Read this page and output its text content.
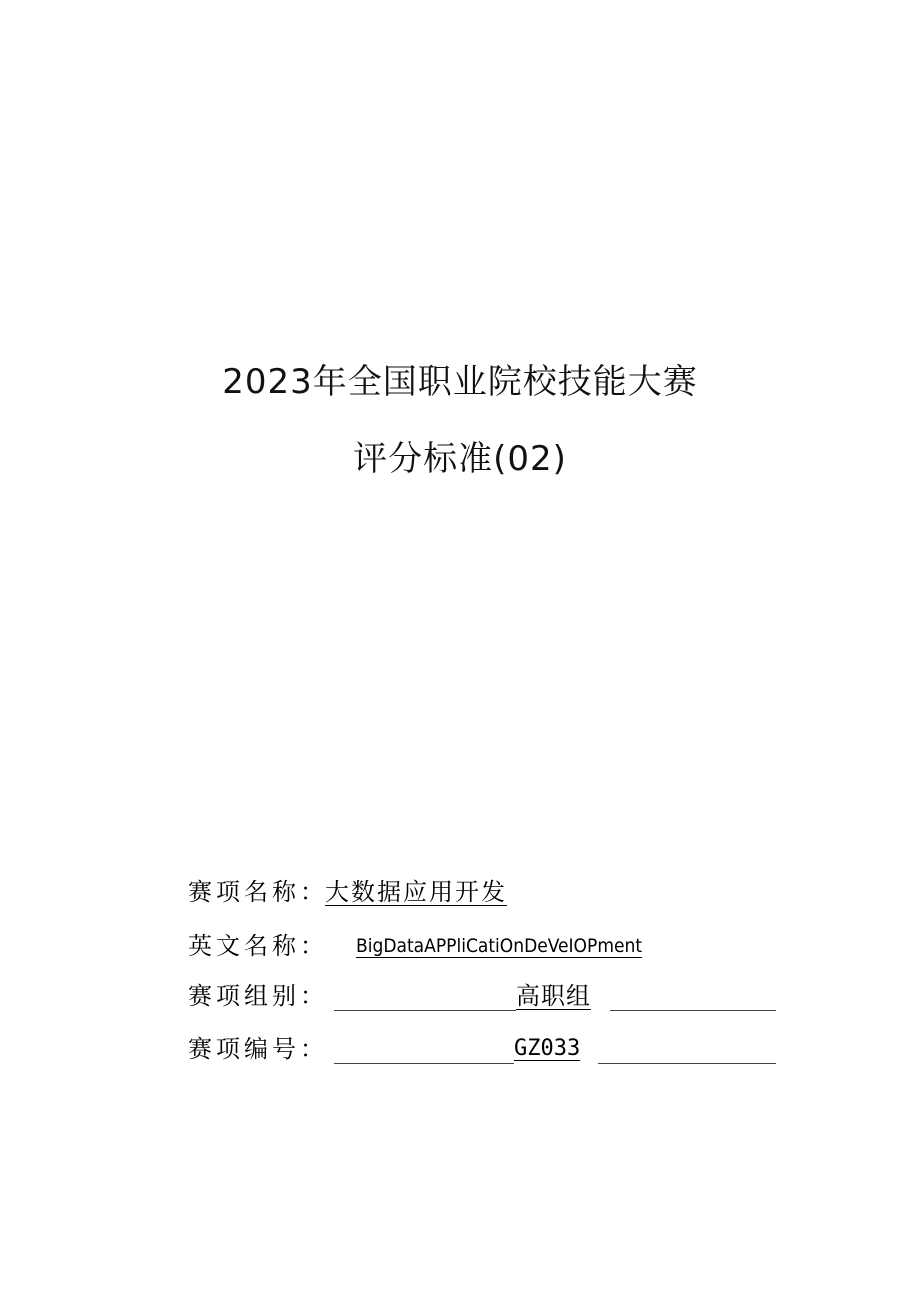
2023年全国职业院校技能大赛
评分标准(02)
赛项名称：
大数据应用开发
英文名称： BigDataAPPliCatiOnDeVeIOPment
赛项组别：	高职组
赛项编号：	GZ033
